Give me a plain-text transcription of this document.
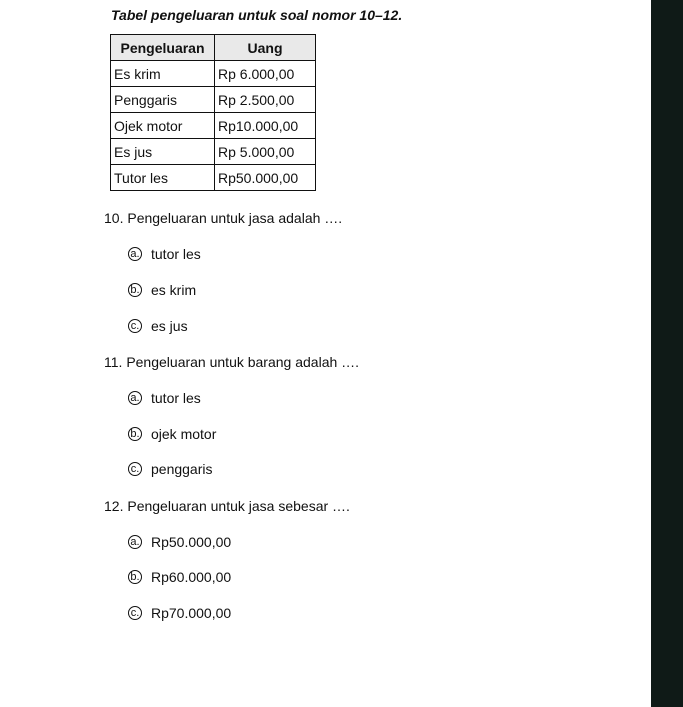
Tabel pengeluaran untuk soal nomor 10–12.
Pengeluaran	Uang
Es krim	Rp 6.000,00
Penggaris	Rp 2.500,00
Ojek motor	Rp10.000,00
Es jus	Rp 5.000,00
Tutor les	Rp50.000,00
10. Pengeluaran untuk jasa adalah ….
a. tutor les
b. es krim
c. es jus
11. Pengeluaran untuk barang adalah ….
a. tutor les
b. ojek motor
c. penggaris
12. Pengeluaran untuk jasa sebesar ….
a. Rp50.000,00
b. Rp60.000,00
c. Rp70.000,00
